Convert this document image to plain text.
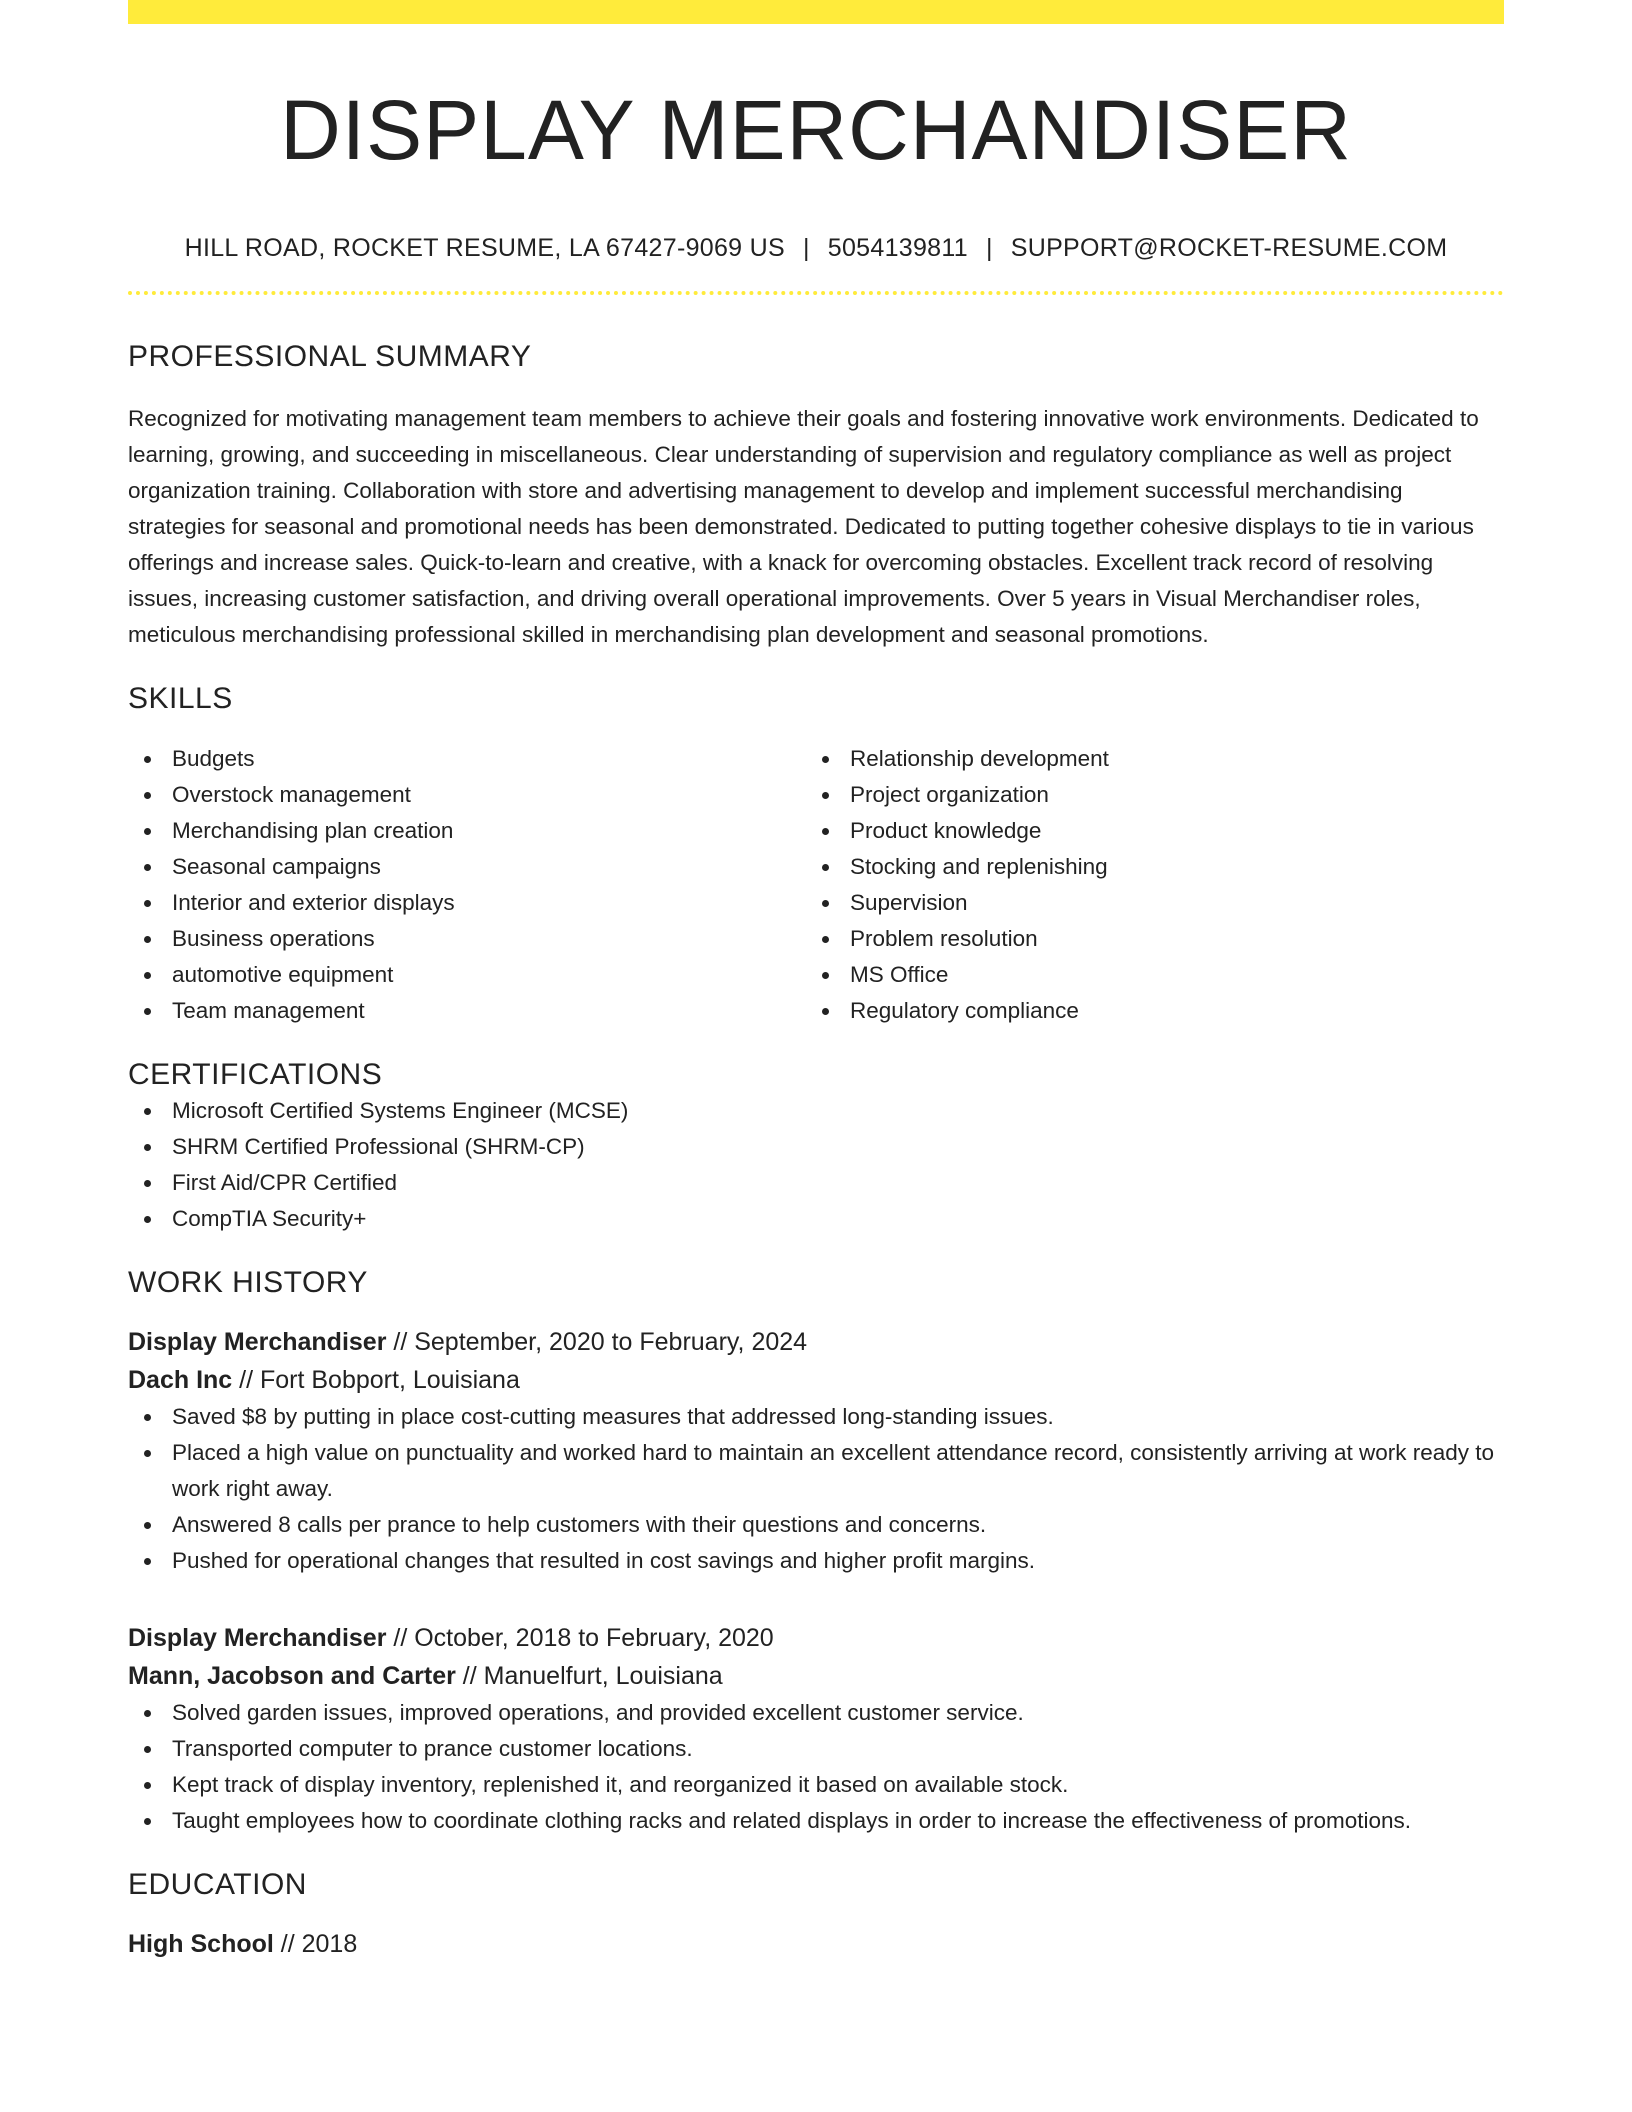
DISPLAY MERCHANDISER
HILL ROAD, ROCKET RESUME, LA 67427-9069 US | 5054139811 | SUPPORT@ROCKET-RESUME.COM
PROFESSIONAL SUMMARY
Recognized for motivating management team members to achieve their goals and fostering innovative work environments. Dedicated to learning, growing, and succeeding in miscellaneous. Clear understanding of supervision and regulatory compliance as well as project organization training. Collaboration with store and advertising management to develop and implement successful merchandising strategies for seasonal and promotional needs has been demonstrated. Dedicated to putting together cohesive displays to tie in various offerings and increase sales. Quick-to-learn and creative, with a knack for overcoming obstacles. Excellent track record of resolving issues, increasing customer satisfaction, and driving overall operational improvements. Over 5 years in Visual Merchandiser roles, meticulous merchandising professional skilled in merchandising plan development and seasonal promotions.
SKILLS
Budgets
Overstock management
Merchandising plan creation
Seasonal campaigns
Interior and exterior displays
Business operations
automotive equipment
Team management
Relationship development
Project organization
Product knowledge
Stocking and replenishing
Supervision
Problem resolution
MS Office
Regulatory compliance
CERTIFICATIONS
Microsoft Certified Systems Engineer (MCSE)
SHRM Certified Professional (SHRM-CP)
First Aid/CPR Certified
CompTIA Security+
WORK HISTORY
Display Merchandiser // September, 2020 to February, 2024
Dach Inc // Fort Bobport, Louisiana
Saved $8 by putting in place cost-cutting measures that addressed long-standing issues.
Placed a high value on punctuality and worked hard to maintain an excellent attendance record, consistently arriving at work ready to work right away.
Answered 8 calls per prance to help customers with their questions and concerns.
Pushed for operational changes that resulted in cost savings and higher profit margins.
Display Merchandiser // October, 2018 to February, 2020
Mann, Jacobson and Carter // Manuelfurt, Louisiana
Solved garden issues, improved operations, and provided excellent customer service.
Transported computer to prance customer locations.
Kept track of display inventory, replenished it, and reorganized it based on available stock.
Taught employees how to coordinate clothing racks and related displays in order to increase the effectiveness of promotions.
EDUCATION
High School // 2018
